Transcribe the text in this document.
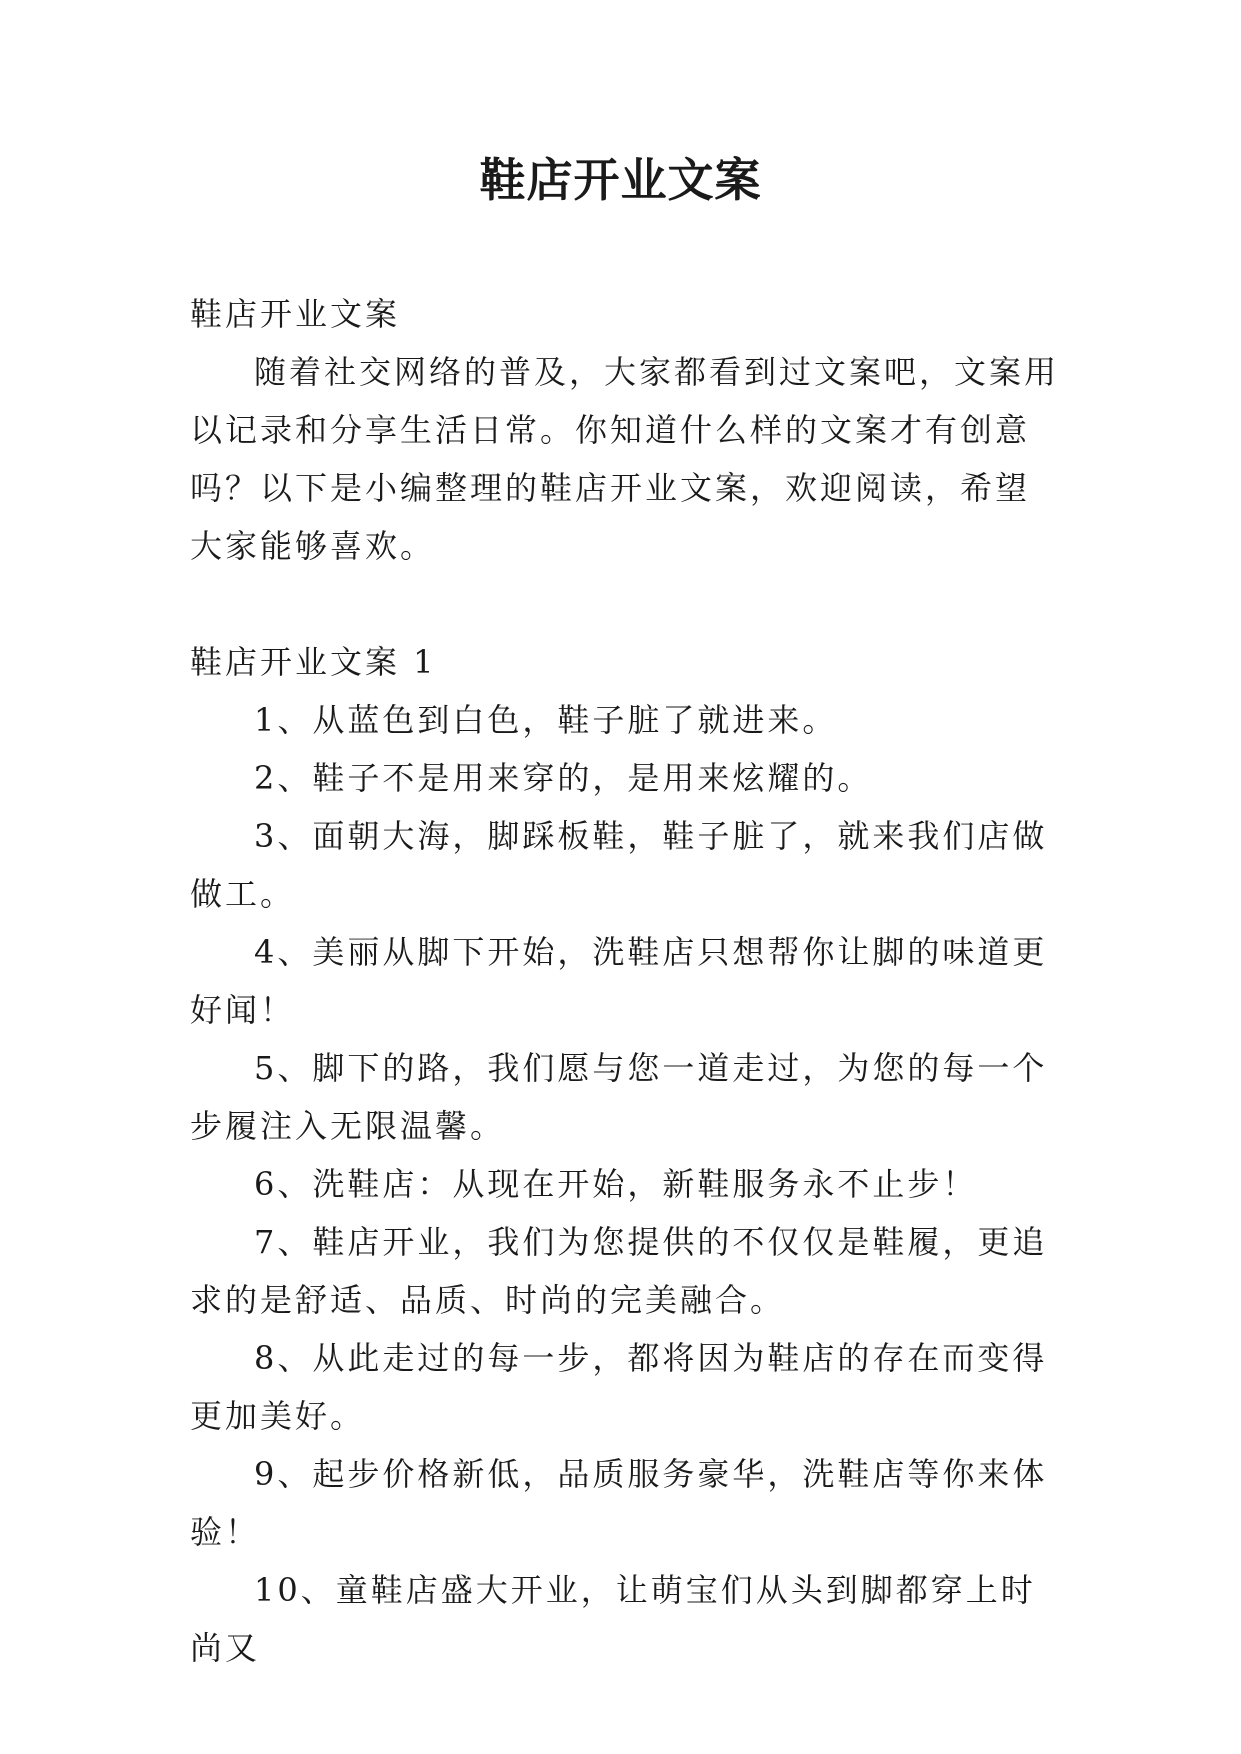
鞋店开业文案

鞋店开业文案

随着社交网络的普及，大家都看到过文案吧，文案用以记录和分享生活日常。你知道什么样的文案才有创意吗？以下是小编整理的鞋店开业文案，欢迎阅读，希望大家能够喜欢。

鞋店开业文案 1

1、从蓝色到白色，鞋子脏了就进来。

2、鞋子不是用来穿的，是用来炫耀的。

3、面朝大海，脚踩板鞋，鞋子脏了，就来我们店做做工。

4、美丽从脚下开始，洗鞋店只想帮你让脚的味道更好闻！

5、脚下的路，我们愿与您一道走过，为您的每一个步履注入无限温馨。

6、洗鞋店：从现在开始，新鞋服务永不止步！

7、鞋店开业，我们为您提供的不仅仅是鞋履，更追求的是舒适、品质、时尚的完美融合。

8、从此走过的每一步，都将因为鞋店的存在而变得更加美好。

9、起步价格新低，品质服务豪华，洗鞋店等你来体验！

10、童鞋店盛大开业，让萌宝们从头到脚都穿上时尚又
